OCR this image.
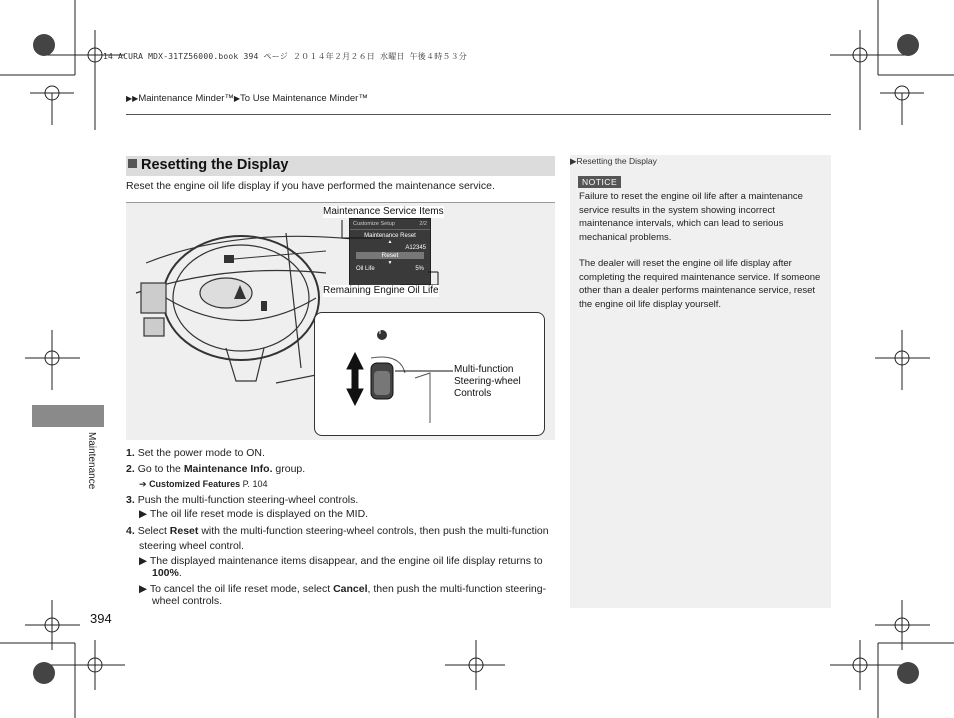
14 ACURA MDX-31TZ56000.book 394 ページ ２０１４年２月２６日 水曜日 午後４時５３分
▶▶Maintenance Minder™▶To Use Maintenance Minder™
Maintenance
394
Resetting the Display
Reset the engine oil life display if you have performed the maintenance service.
Customize Setup	2/2
Maintenance Reset
▲
A12345
Reset
▼
Oil Life	5%
Maintenance Service Items
Remaining Engine Oil Life
i
Multi-function
Steering-wheel
Controls
1. Set the power mode to ON.
2. Go to the Maintenance Info. group.
➔ Customized Features P. 104
3. Push the multi-function steering-wheel controls.
▶ The oil life reset mode is displayed on the MID.
4. Select Reset with the multi-function steering-wheel controls, then push the multi-function steering wheel control.
▶ The displayed maintenance items disappear, and the engine oil life display returns to 100%.
▶ To cancel the oil life reset mode, select Cancel, then push the multi-function steering-wheel controls.
▶Resetting the Display
NOTICE
Failure to reset the engine oil life after a maintenance service results in the system showing incorrect maintenance intervals, which can lead to serious mechanical problems.
The dealer will reset the engine oil life display after completing the required maintenance service. If someone other than a dealer performs maintenance service, reset the engine oil life display yourself.
